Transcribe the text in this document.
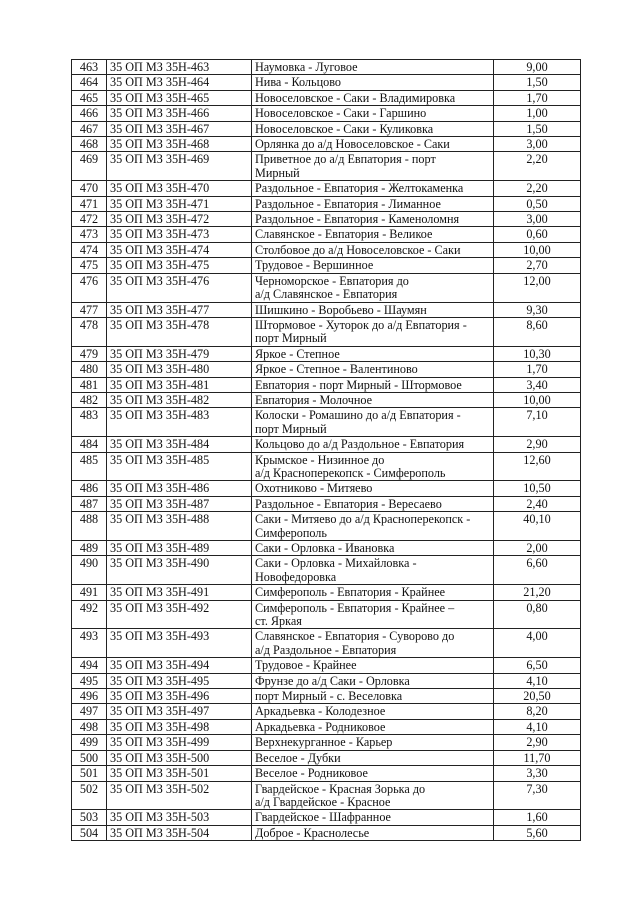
463	35 ОП МЗ 35Н-463	Наумовка - Луговое	9,00
464	35 ОП МЗ 35Н-464	Нива - Кольцово	1,50
465	35 ОП МЗ 35Н-465	Новоселовское - Саки - Владимировка	1,70
466	35 ОП МЗ 35Н-466	Новоселовское - Саки - Гаршино	1,00
467	35 ОП МЗ 35Н-467	Новоселовское - Саки - Куликовка	1,50
468	35 ОП МЗ 35Н-468	Орлянка до а/д Новоселовское - Саки	3,00
469	35 ОП МЗ 35Н-469	Приветное до а/д Евпатория - порт
Мирный	2,20
470	35 ОП МЗ 35Н-470	Раздольное - Евпатория - Желтокаменка	2,20
471	35 ОП МЗ 35Н-471	Раздольное - Евпатория - Лиманное	0,50
472	35 ОП МЗ 35Н-472	Раздольное - Евпатория - Каменоломня	3,00
473	35 ОП МЗ 35Н-473	Славянское - Евпатория - Великое	0,60
474	35 ОП МЗ 35Н-474	Столбовое до а/д Новоселовское - Саки	10,00
475	35 ОП МЗ 35Н-475	Трудовое - Вершинное	2,70
476	35 ОП МЗ 35Н-476	Черноморское - Евпатория до
а/д Славянское - Евпатория	12,00
477	35 ОП МЗ 35Н-477	Шишкино - Воробьево - Шаумян	9,30
478	35 ОП МЗ 35Н-478	Штормовое - Хуторок до а/д Евпатория -
порт Мирный	8,60
479	35 ОП МЗ 35Н-479	Яркое - Степное	10,30
480	35 ОП МЗ 35Н-480	Яркое - Степное - Валентиново	1,70
481	35 ОП МЗ 35Н-481	Евпатория - порт Мирный - Штормовое	3,40
482	35 ОП МЗ 35Н-482	Евпатория - Молочное	10,00
483	35 ОП МЗ 35Н-483	Колоски - Ромашино до а/д Евпатория -
порт Мирный	7,10
484	35 ОП МЗ 35Н-484	Кольцово до а/д Раздольное - Евпатория	2,90
485	35 ОП МЗ 35Н-485	Крымское - Низинное до
а/д Красноперекопск - Симферополь	12,60
486	35 ОП МЗ 35Н-486	Охотниково - Митяево	10,50
487	35 ОП МЗ 35Н-487	Раздольное - Евпатория - Вересаево	2,40
488	35 ОП МЗ 35Н-488	Саки - Митяево до а/д Красноперекопск -
Симферополь	40,10
489	35 ОП МЗ 35Н-489	Саки - Орловка - Ивановка	2,00
490	35 ОП МЗ 35Н-490	Саки - Орловка - Михайловка -
Новофедоровка	6,60
491	35 ОП МЗ 35Н-491	Симферополь - Евпатория - Крайнее	21,20
492	35 ОП МЗ 35Н-492	Симферополь - Евпатория - Крайнее –
ст. Яркая	0,80
493	35 ОП МЗ 35Н-493	Славянское - Евпатория - Суворово до
а/д Раздольное - Евпатория	4,00
494	35 ОП МЗ 35Н-494	Трудовое - Крайнее	6,50
495	35 ОП МЗ 35Н-495	Фрунзе до а/д Саки - Орловка	4,10
496	35 ОП МЗ 35Н-496	порт Мирный - с. Веселовка	20,50
497	35 ОП МЗ 35Н-497	Аркадьевка - Колодезное	8,20
498	35 ОП МЗ 35Н-498	Аркадьевка - Родниковое	4,10
499	35 ОП МЗ 35Н-499	Верхнекурганное - Карьер	2,90
500	35 ОП МЗ 35Н-500	Веселое - Дубки	11,70
501	35 ОП МЗ 35Н-501	Веселое - Родниковое	3,30
502	35 ОП МЗ 35Н-502	Гвардейское - Красная Зорька до
а/д Гвардейское - Красное	7,30
503	35 ОП МЗ 35Н-503	Гвардейское - Шафранное	1,60
504	35 ОП МЗ 35Н-504	Доброе - Краснолесье	5,60
